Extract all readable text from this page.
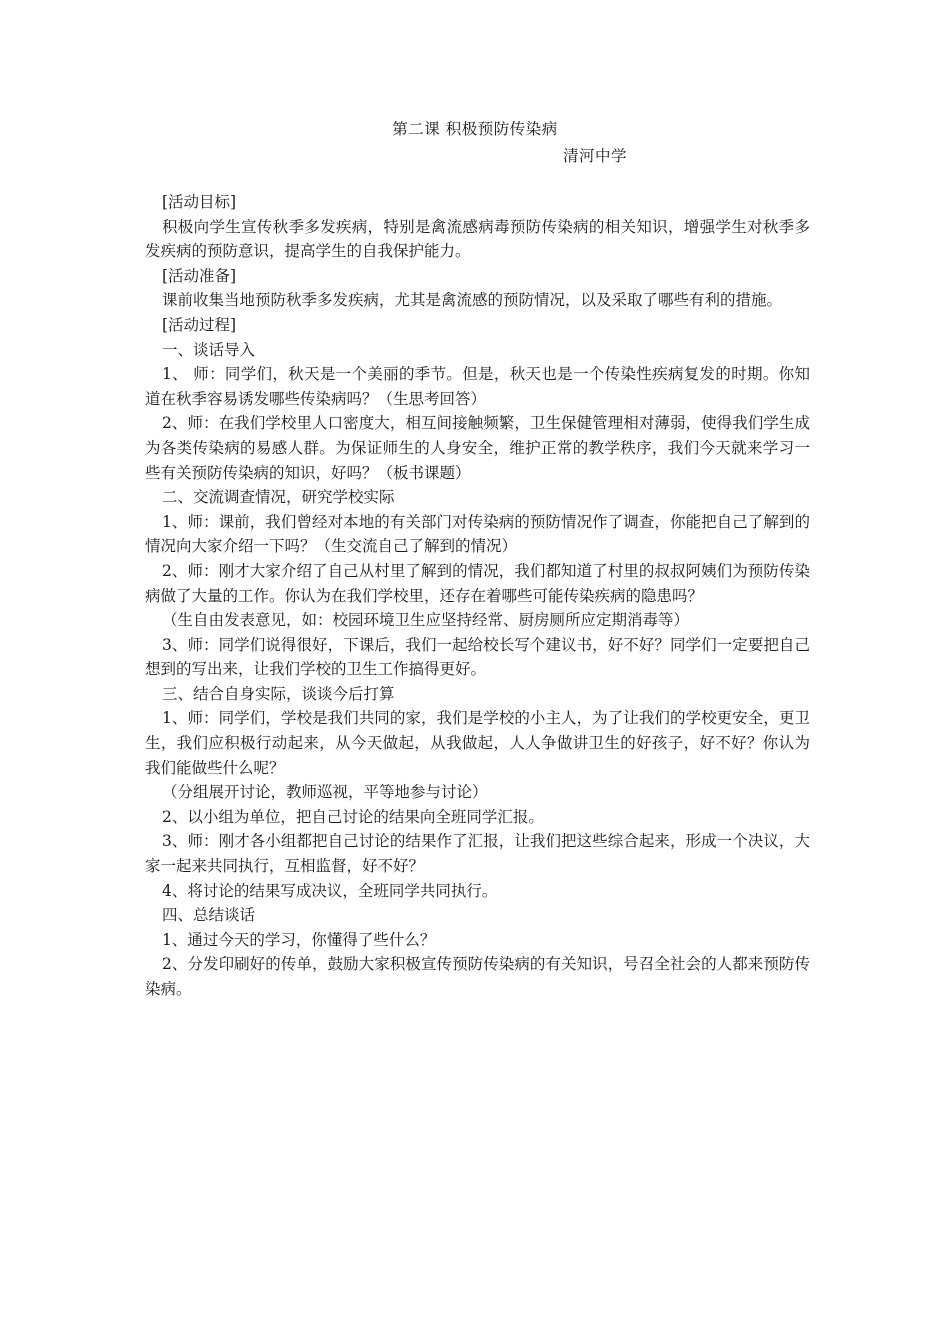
第二课 积极预防传染病
清河中学

[活动目标]

积极向学生宣传秋季多发疾病，特别是禽流感病毒预防传染病的相关知识，增强学生对秋季多发疾病的预防意识，提高学生的自我保护能力。

[活动准备]

课前收集当地预防秋季多发疾病，尤其是禽流感的预防情况，以及采取了哪些有利的措施。

[活动过程]

一、谈话导入

1、 师：同学们，秋天是一个美丽的季节。但是，秋天也是一个传染性疾病复发的时期。你知道在秋季容易诱发哪些传染病吗？（生思考回答）

2、师：在我们学校里人口密度大，相互间接触频繁，卫生保健管理相对薄弱，使得我们学生成为各类传染病的易感人群。为保证师生的人身安全，维护正常的教学秩序，我们今天就来学习一些有关预防传染病的知识，好吗？（板书课题）

二、交流调查情况，研究学校实际

1、师：课前，我们曾经对本地的有关部门对传染病的预防情况作了调查，你能把自己了解到的情况向大家介绍一下吗？（生交流自己了解到的情况）

2、师：刚才大家介绍了自己从村里了解到的情况，我们都知道了村里的叔叔阿姨们为预防传染病做了大量的工作。你认为在我们学校里，还存在着哪些可能传染疾病的隐患吗？

（生自由发表意见，如：校园环境卫生应坚持经常、厨房厕所应定期消毒等）

3、师：同学们说得很好，下课后，我们一起给校长写个建议书，好不好？同学们一定要把自己想到的写出来，让我们学校的卫生工作搞得更好。

三、结合自身实际，谈谈今后打算

1、师：同学们，学校是我们共同的家，我们是学校的小主人，为了让我们的学校更安全，更卫生，我们应积极行动起来，从今天做起，从我做起，人人争做讲卫生的好孩子，好不好？你认为我们能做些什么呢？

（分组展开讨论，教师巡视，平等地参与讨论）

2、以小组为单位，把自己讨论的结果向全班同学汇报。

3、师：刚才各小组都把自己讨论的结果作了汇报，让我们把这些综合起来，形成一个决议，大家一起来共同执行，互相监督，好不好？

4、将讨论的结果写成决议，全班同学共同执行。

四、总结谈话

1、通过今天的学习，你懂得了些什么？

2、分发印刷好的传单，鼓励大家积极宣传预防传染病的有关知识，号召全社会的人都来预防传染病。
